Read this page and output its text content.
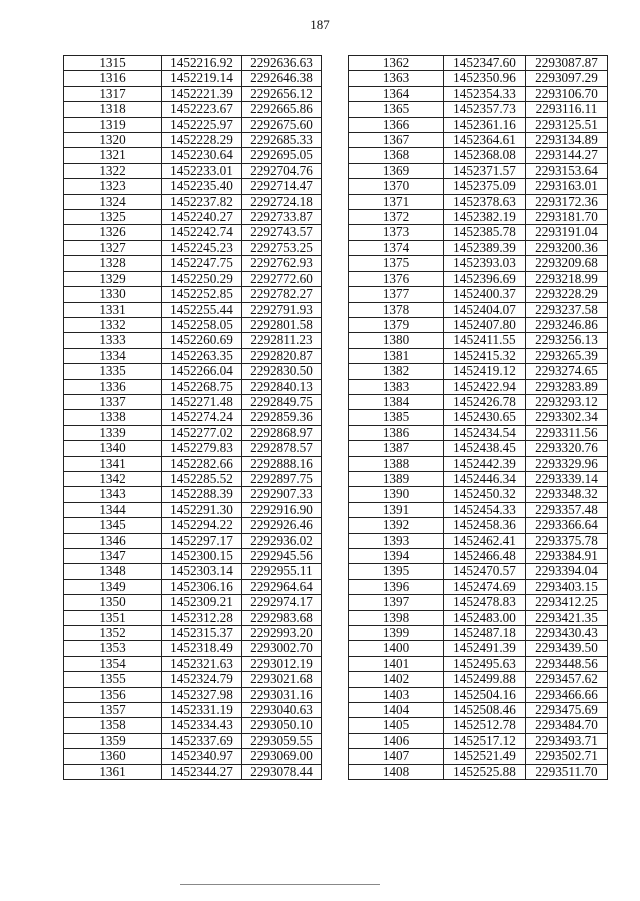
187
1315	1452216.92	2292636.63
1316	1452219.14	2292646.38
1317	1452221.39	2292656.12
1318	1452223.67	2292665.86
1319	1452225.97	2292675.60
1320	1452228.29	2292685.33
1321	1452230.64	2292695.05
1322	1452233.01	2292704.76
1323	1452235.40	2292714.47
1324	1452237.82	2292724.18
1325	1452240.27	2292733.87
1326	1452242.74	2292743.57
1327	1452245.23	2292753.25
1328	1452247.75	2292762.93
1329	1452250.29	2292772.60
1330	1452252.85	2292782.27
1331	1452255.44	2292791.93
1332	1452258.05	2292801.58
1333	1452260.69	2292811.23
1334	1452263.35	2292820.87
1335	1452266.04	2292830.50
1336	1452268.75	2292840.13
1337	1452271.48	2292849.75
1338	1452274.24	2292859.36
1339	1452277.02	2292868.97
1340	1452279.83	2292878.57
1341	1452282.66	2292888.16
1342	1452285.52	2292897.75
1343	1452288.39	2292907.33
1344	1452291.30	2292916.90
1345	1452294.22	2292926.46
1346	1452297.17	2292936.02
1347	1452300.15	2292945.56
1348	1452303.14	2292955.11
1349	1452306.16	2292964.64
1350	1452309.21	2292974.17
1351	1452312.28	2292983.68
1352	1452315.37	2292993.20
1353	1452318.49	2293002.70
1354	1452321.63	2293012.19
1355	1452324.79	2293021.68
1356	1452327.98	2293031.16
1357	1452331.19	2293040.63
1358	1452334.43	2293050.10
1359	1452337.69	2293059.55
1360	1452340.97	2293069.00
1361	1452344.27	2293078.44
1362	1452347.60	2293087.87
1363	1452350.96	2293097.29
1364	1452354.33	2293106.70
1365	1452357.73	2293116.11
1366	1452361.16	2293125.51
1367	1452364.61	2293134.89
1368	1452368.08	2293144.27
1369	1452371.57	2293153.64
1370	1452375.09	2293163.01
1371	1452378.63	2293172.36
1372	1452382.19	2293181.70
1373	1452385.78	2293191.04
1374	1452389.39	2293200.36
1375	1452393.03	2293209.68
1376	1452396.69	2293218.99
1377	1452400.37	2293228.29
1378	1452404.07	2293237.58
1379	1452407.80	2293246.86
1380	1452411.55	2293256.13
1381	1452415.32	2293265.39
1382	1452419.12	2293274.65
1383	1452422.94	2293283.89
1384	1452426.78	2293293.12
1385	1452430.65	2293302.34
1386	1452434.54	2293311.56
1387	1452438.45	2293320.76
1388	1452442.39	2293329.96
1389	1452446.34	2293339.14
1390	1452450.32	2293348.32
1391	1452454.33	2293357.48
1392	1452458.36	2293366.64
1393	1452462.41	2293375.78
1394	1452466.48	2293384.91
1395	1452470.57	2293394.04
1396	1452474.69	2293403.15
1397	1452478.83	2293412.25
1398	1452483.00	2293421.35
1399	1452487.18	2293430.43
1400	1452491.39	2293439.50
1401	1452495.63	2293448.56
1402	1452499.88	2293457.62
1403	1452504.16	2293466.66
1404	1452508.46	2293475.69
1405	1452512.78	2293484.70
1406	1452517.12	2293493.71
1407	1452521.49	2293502.71
1408	1452525.88	2293511.70
